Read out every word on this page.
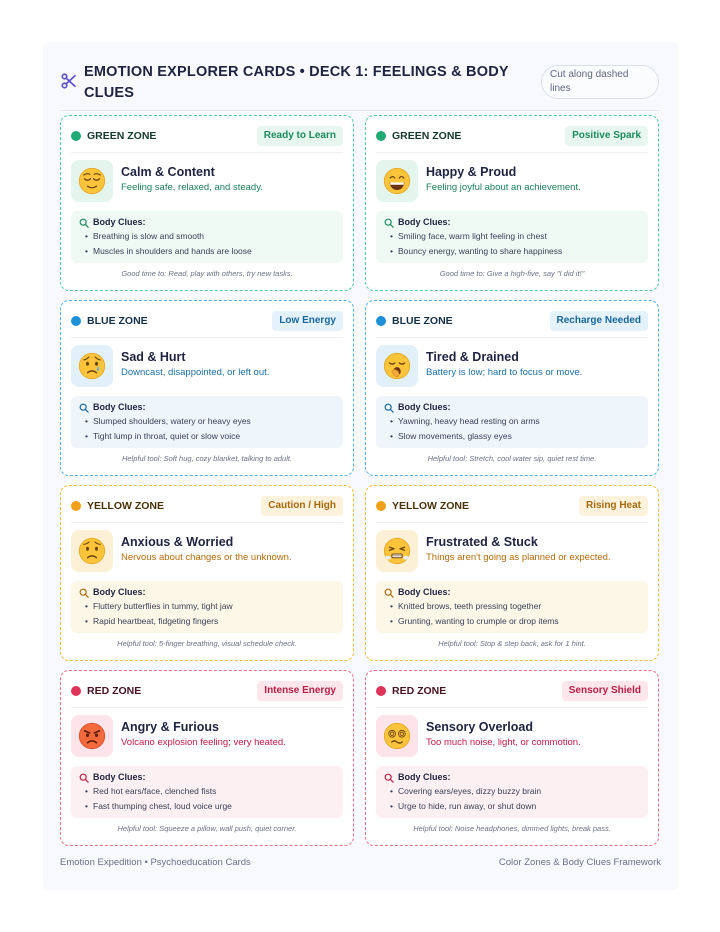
EMOTION EXPLORER CARDS • DECK 1: FEELINGS & BODY CLUES
Cut along dashed lines
GREEN ZONE	Ready to Learn
Calm & Content
Feeling safe, relaxed, and steady.
Body Clues:
• Breathing is slow and smooth
• Muscles in shoulders and hands are loose
Good time to: Read, play with others, try new tasks.
GREEN ZONE	Positive Spark
Happy & Proud
Feeling joyful about an achievement.
Body Clues:
• Smiling face, warm light feeling in chest
• Bouncy energy, wanting to share happiness
Good time to: Give a high-five, say "I did it!"
BLUE ZONE	Low Energy
Sad & Hurt
Downcast, disappointed, or left out.
Body Clues:
• Slumped shoulders, watery or heavy eyes
• Tight lump in throat, quiet or slow voice
Helpful tool: Soft hug, cozy blanket, talking to adult.
BLUE ZONE	Recharge Needed
Tired & Drained
Battery is low; hard to focus or move.
Body Clues:
• Yawning, heavy head resting on arms
• Slow movements, glassy eyes
Helpful tool: Stretch, cool water sip, quiet rest time.
YELLOW ZONE	Caution / High
Anxious & Worried
Nervous about changes or the unknown.
Body Clues:
• Fluttery butterflies in tummy, tight jaw
• Rapid heartbeat, fidgeting fingers
Helpful tool: 5-finger breathing, visual schedule check.
YELLOW ZONE	Rising Heat
Frustrated & Stuck
Things aren't going as planned or expected.
Body Clues:
• Knitted brows, teeth pressing together
• Grunting, wanting to crumple or drop items
Helpful tool: Stop & step back, ask for 1 hint.
RED ZONE	Intense Energy
Angry & Furious
Volcano explosion feeling; very heated.
Body Clues:
• Red hot ears/face, clenched fists
• Fast thumping chest, loud voice urge
Helpful tool: Squeeze a pillow, wall push, quiet corner.
RED ZONE	Sensory Shield
Sensory Overload
Too much noise, light, or commotion.
Body Clues:
• Covering ears/eyes, dizzy buzzy brain
• Urge to hide, run away, or shut down
Helpful tool: Noise headphones, dimmed lights, break pass.
Emotion Expedition • Psychoeducation Cards	Color Zones & Body Clues Framework
